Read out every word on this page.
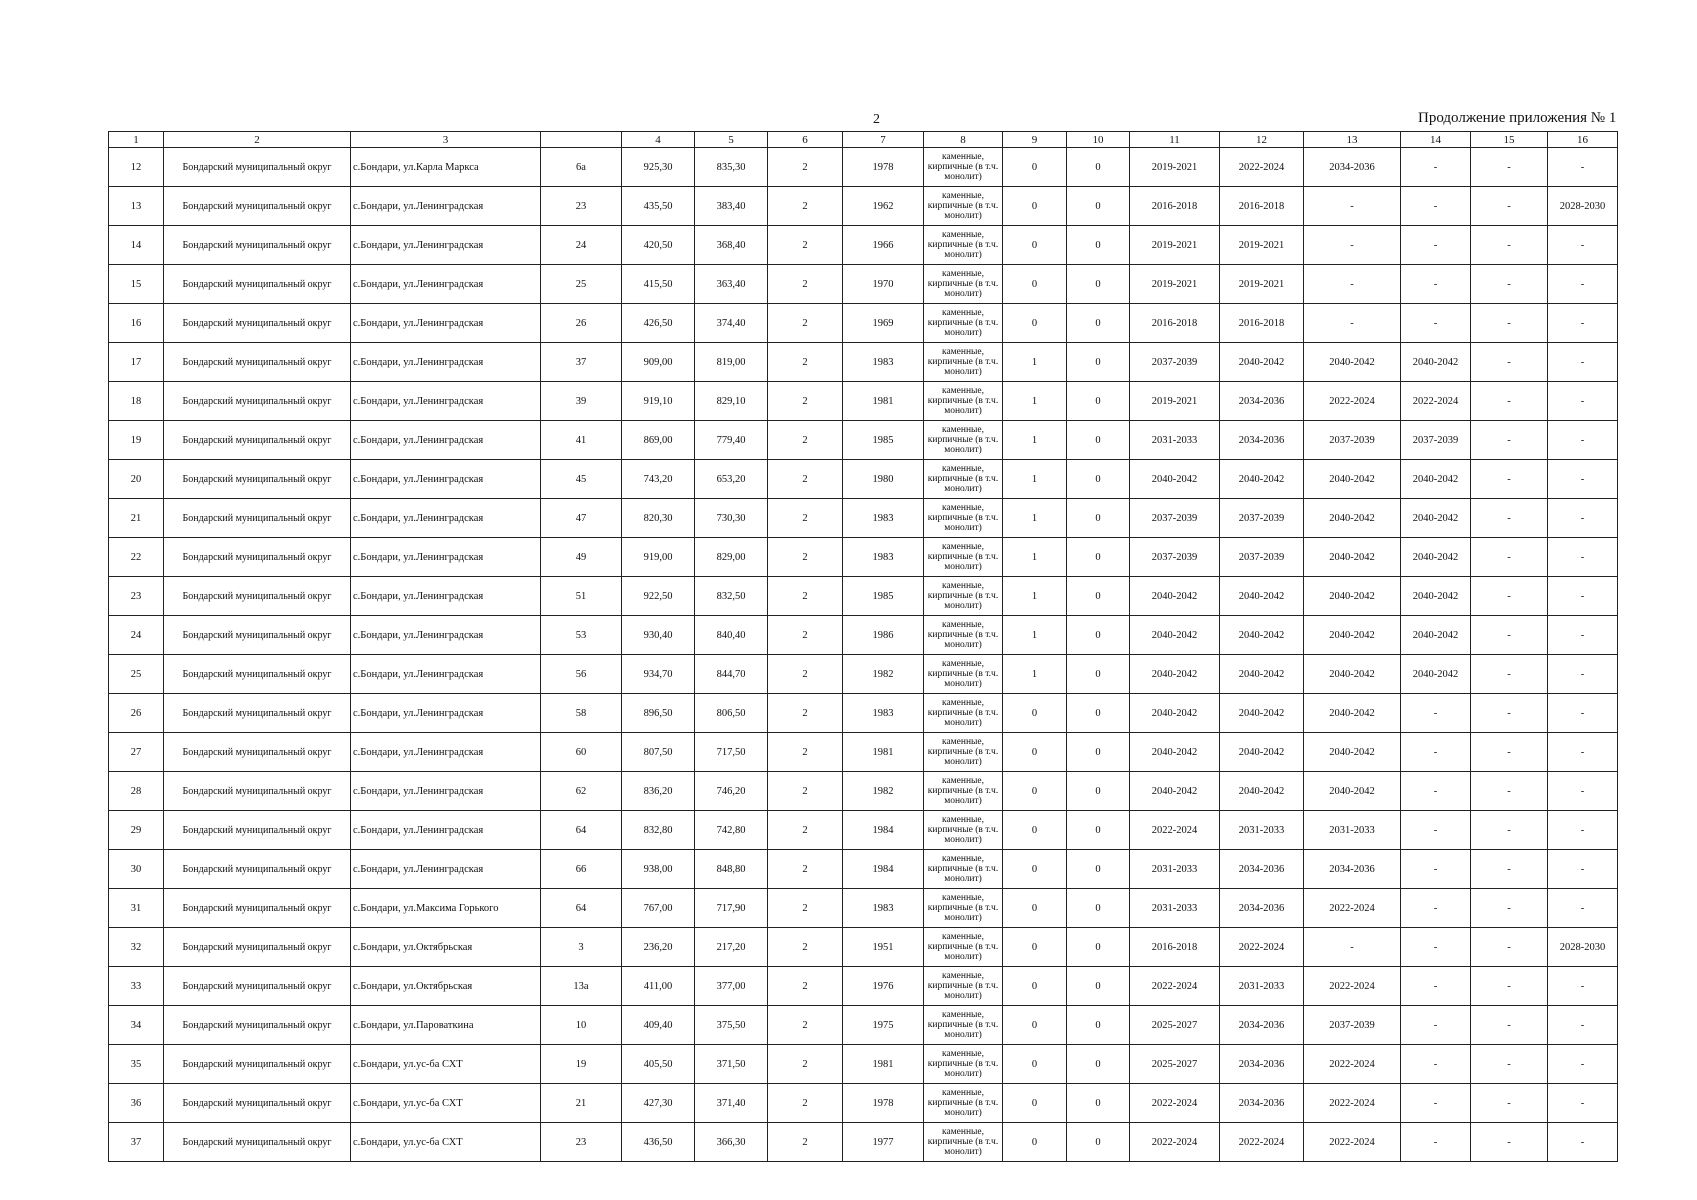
2	Продолжение приложения № 1
1	2	3		4	5	6	7	8	9	10	11	12	13	14	15	16
12	Бондарский муниципальный округ	с.Бондари, ул.Карла Маркса	6а	925,30	835,30	2	1978	каменные, кирпичные (в т.ч. монолит)	0	0	2019-2021	2022-2024	2034-2036	-	-	-
13	Бондарский муниципальный округ	с.Бондари, ул.Ленинградская	23	435,50	383,40	2	1962	каменные, кирпичные (в т.ч. монолит)	0	0	2016-2018	2016-2018	-	-	-	2028-2030
14	Бондарский муниципальный округ	с.Бондари, ул.Ленинградская	24	420,50	368,40	2	1966	каменные, кирпичные (в т.ч. монолит)	0	0	2019-2021	2019-2021	-	-	-	-
15	Бондарский муниципальный округ	с.Бондари, ул.Ленинградская	25	415,50	363,40	2	1970	каменные, кирпичные (в т.ч. монолит)	0	0	2019-2021	2019-2021	-	-	-	-
16	Бондарский муниципальный округ	с.Бондари, ул.Ленинградская	26	426,50	374,40	2	1969	каменные, кирпичные (в т.ч. монолит)	0	0	2016-2018	2016-2018	-	-	-	-
17	Бондарский муниципальный округ	с.Бондари, ул.Ленинградская	37	909,00	819,00	2	1983	каменные, кирпичные (в т.ч. монолит)	1	0	2037-2039	2040-2042	2040-2042	2040-2042	-	-
18	Бондарский муниципальный округ	с.Бондари, ул.Ленинградская	39	919,10	829,10	2	1981	каменные, кирпичные (в т.ч. монолит)	1	0	2019-2021	2034-2036	2022-2024	2022-2024	-	-
19	Бондарский муниципальный округ	с.Бондари, ул.Ленинградская	41	869,00	779,40	2	1985	каменные, кирпичные (в т.ч. монолит)	1	0	2031-2033	2034-2036	2037-2039	2037-2039	-	-
20	Бондарский муниципальный округ	с.Бондари, ул.Ленинградская	45	743,20	653,20	2	1980	каменные, кирпичные (в т.ч. монолит)	1	0	2040-2042	2040-2042	2040-2042	2040-2042	-	-
21	Бондарский муниципальный округ	с.Бондари, ул.Ленинградская	47	820,30	730,30	2	1983	каменные, кирпичные (в т.ч. монолит)	1	0	2037-2039	2037-2039	2040-2042	2040-2042	-	-
22	Бондарский муниципальный округ	с.Бондари, ул.Ленинградская	49	919,00	829,00	2	1983	каменные, кирпичные (в т.ч. монолит)	1	0	2037-2039	2037-2039	2040-2042	2040-2042	-	-
23	Бондарский муниципальный округ	с.Бондари, ул.Ленинградская	51	922,50	832,50	2	1985	каменные, кирпичные (в т.ч. монолит)	1	0	2040-2042	2040-2042	2040-2042	2040-2042	-	-
24	Бондарский муниципальный округ	с.Бондари, ул.Ленинградская	53	930,40	840,40	2	1986	каменные, кирпичные (в т.ч. монолит)	1	0	2040-2042	2040-2042	2040-2042	2040-2042	-	-
25	Бондарский муниципальный округ	с.Бондари, ул.Ленинградская	56	934,70	844,70	2	1982	каменные, кирпичные (в т.ч. монолит)	1	0	2040-2042	2040-2042	2040-2042	2040-2042	-	-
26	Бондарский муниципальный округ	с.Бондари, ул.Ленинградская	58	896,50	806,50	2	1983	каменные, кирпичные (в т.ч. монолит)	0	0	2040-2042	2040-2042	2040-2042	-	-	-
27	Бондарский муниципальный округ	с.Бондари, ул.Ленинградская	60	807,50	717,50	2	1981	каменные, кирпичные (в т.ч. монолит)	0	0	2040-2042	2040-2042	2040-2042	-	-	-
28	Бондарский муниципальный округ	с.Бондари, ул.Ленинградская	62	836,20	746,20	2	1982	каменные, кирпичные (в т.ч. монолит)	0	0	2040-2042	2040-2042	2040-2042	-	-	-
29	Бондарский муниципальный округ	с.Бондари, ул.Ленинградская	64	832,80	742,80	2	1984	каменные, кирпичные (в т.ч. монолит)	0	0	2022-2024	2031-2033	2031-2033	-	-	-
30	Бондарский муниципальный округ	с.Бондари, ул.Ленинградская	66	938,00	848,80	2	1984	каменные, кирпичные (в т.ч. монолит)	0	0	2031-2033	2034-2036	2034-2036	-	-	-
31	Бондарский муниципальный округ	с.Бондари, ул.Максима Горького	64	767,00	717,90	2	1983	каменные, кирпичные (в т.ч. монолит)	0	0	2031-2033	2034-2036	2022-2024	-	-	-
32	Бондарский муниципальный округ	с.Бондари, ул.Октябрьская	3	236,20	217,20	2	1951	каменные, кирпичные (в т.ч. монолит)	0	0	2016-2018	2022-2024	-	-	-	2028-2030
33	Бондарский муниципальный округ	с.Бондари, ул.Октябрьская	13а	411,00	377,00	2	1976	каменные, кирпичные (в т.ч. монолит)	0	0	2022-2024	2031-2033	2022-2024	-	-	-
34	Бондарский муниципальный округ	с.Бондари, ул.Пароваткина	10	409,40	375,50	2	1975	каменные, кирпичные (в т.ч. монолит)	0	0	2025-2027	2034-2036	2037-2039	-	-	-
35	Бондарский муниципальный округ	с.Бондари, ул.ус-ба СХТ	19	405,50	371,50	2	1981	каменные, кирпичные (в т.ч. монолит)	0	0	2025-2027	2034-2036	2022-2024	-	-	-
36	Бондарский муниципальный округ	с.Бондари, ул.ус-ба СХТ	21	427,30	371,40	2	1978	каменные, кирпичные (в т.ч. монолит)	0	0	2022-2024	2034-2036	2022-2024	-	-	-
37	Бондарский муниципальный округ	с.Бондари, ул.ус-ба СХТ	23	436,50	366,30	2	1977	каменные, кирпичные (в т.ч. монолит)	0	0	2022-2024	2022-2024	2022-2024	-	-	-
